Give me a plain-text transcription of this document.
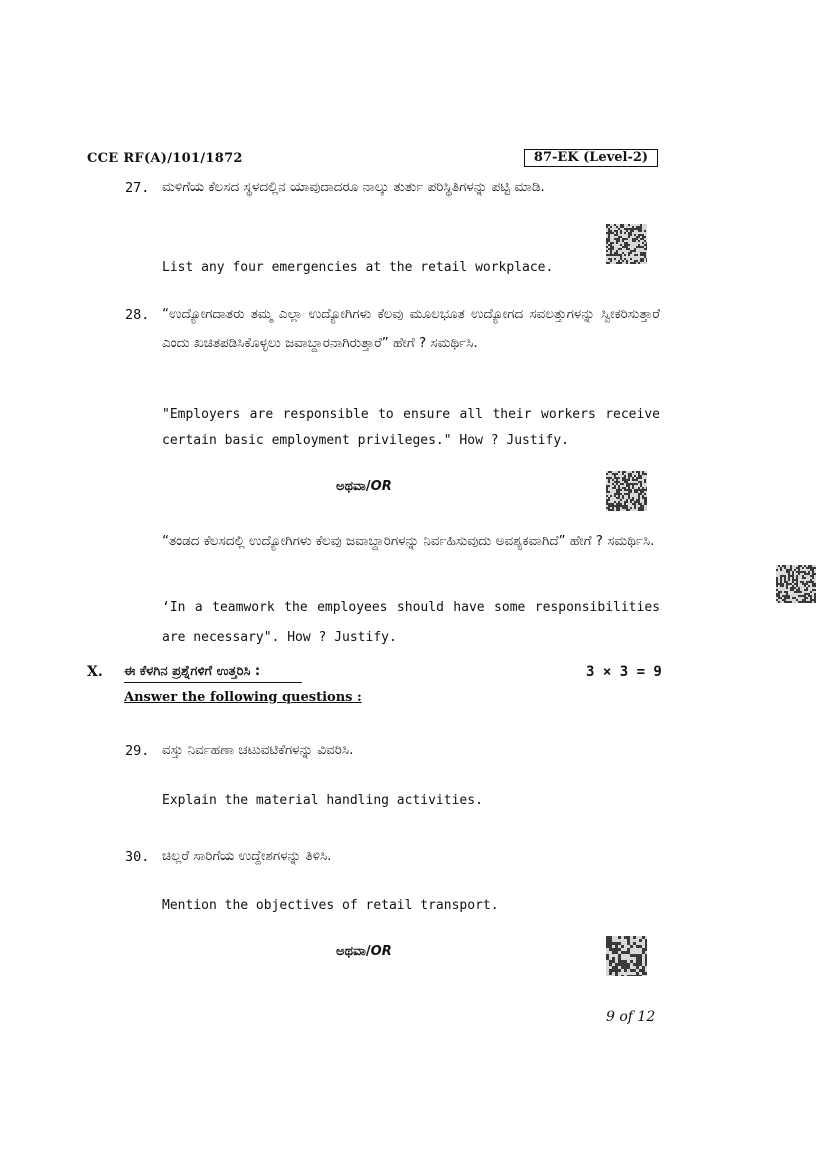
CCE RF(A)/101/1872	87-EK (Level-2)
27. ಮಳಿಗೆಯ ಕೆಲಸದ ಸ್ಥಳದಲ್ಲಿನ ಯಾವುದಾದರೂ ನಾಲ್ಕು ತುರ್ತು ಪರಿಸ್ಥಿತಿಗಳನ್ನು ಪಟ್ಟಿ ಮಾಡಿ.
List any four emergencies at the retail workplace.
28. “ಉದ್ಯೋಗದಾತರು ತಮ್ಮ ಎಲ್ಲಾ ಉದ್ಯೋಗಿಗಳು ಕೆಲವು ಮೂಲಭೂತ ಉದ್ಯೋಗದ ಸವಲತ್ತುಗಳನ್ನು ಸ್ವೀಕರಿಸುತ್ತಾರೆ ಎಂದು ಖಚಿತಪಡಿಸಿಕೊಳ್ಳಲು ಜವಾಬ್ದಾರನಾಗಿರುತ್ತಾರೆ” ಹೇಗೆ ? ಸಮರ್ಥಿಸಿ.
"Employers are responsible to ensure all their workers receive certain basic employment privileges." How ? Justify.
ಅಥವಾ/OR
“ತಂಡದ ಕೆಲಸದಲ್ಲಿ ಉದ್ಯೋಗಿಗಳು ಕೆಲವು ಜವಾಬ್ದಾರಿಗಳನ್ನು ನಿರ್ವಹಿಸುವುದು ಅವಶ್ಯಕವಾಗಿದೆ” ಹೇಗೆ ? ಸಮರ್ಥಿಸಿ.
‘In a teamwork the employees should have some responsibilities are necessary". How ? Justify.
X. ಈ ಕೆಳಗಿನ ಪ್ರಶ್ನೆಗಳಿಗೆ ಉತ್ತರಿಸಿ :
Answer the following questions :
3 × 3 = 9
29. ವಸ್ತು ನಿರ್ವಹಣಾ ಚಟುವಟಿಕೆಗಳನ್ನು ವಿವರಿಸಿ.
Explain the material handling activities.
30. ಚಿಲ್ಲರೆ ಸಾರಿಗೆಯ ಉದ್ದೇಶಗಳನ್ನು ತಿಳಿಸಿ.
Mention the objectives of retail transport.
ಅಥವಾ/OR
9 of 12
